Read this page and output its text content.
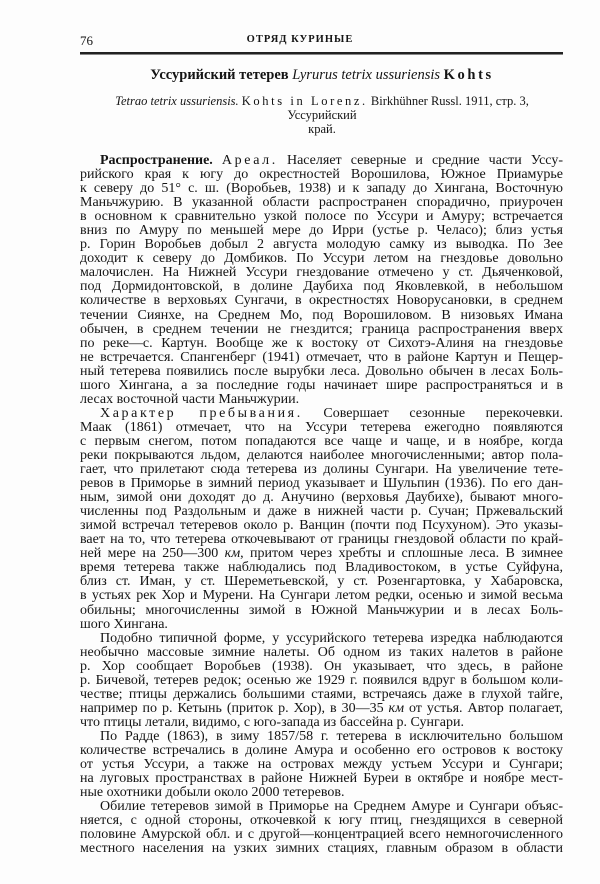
76	ОТРЯД КУРИНЫЕ
Уссурийский тетерев Lyrurus tetrix ussuriensis Kohts
Tetrao tetrix ussuriensis. Kohts in Lorenz. Birkhühner Russl. 1911, стр. 3, Уссурийский
край.
Распространение. Ареал. Населяет северные и средние части Уссу-
рийского края к югу до окрестностей Ворошилова, Южное Приамурье
к северу до 51° с. ш. (Воробьев, 1938) и к западу до Хингана, Восточную
Маньчжурию. В указанной области распространен спорадично, приурочен
в основном к сравнительно узкой полосе по Уссури и Амуру; встречается
вниз по Амуру по меньшей мере до Ирри (устье р. Челасо); близ устья
р. Горин Воробьев добыл 2 августа молодую самку из выводка. По Зее
доходит к северу до Домбиков. По Уссури летом на гнездовье довольно
малочислен. На Нижней Уссури гнездование отмечено у ст. Дьяченковой,
под Дормидонтовской, в долине Даубиха под Яковлевкой, в небольшом
количестве в верховьях Сунгачи, в окрестностях Новорусановки, в среднем
течении Сиянхе, на Среднем Мо, под Ворошиловом. В низовьях Имана
обычен, в среднем течении не гнездится; граница распространения вверх
по реке—с. Картун. Вообще же к востоку от Сихотэ-Алиня на гнездовье
не встречается. Спангенберг (1941) отмечает, что в районе Картун и Пещер-
ный тетерева появились после вырубки леса. Довольно обычен в лесах Боль-
шого Хингана, а за последние годы начинает шире распространяться и в
лесах восточной части Маньчжурии.
Характер пребывания. Совершает сезонные перекочевки.
Маак (1861) отмечает, что на Уссури тетерева ежегодно появляются
с первым снегом, потом попадаются все чаще и чаще, и в ноябре, когда
реки покрываются льдом, делаются наиболее многочисленными; автор пола-
гает, что прилетают сюда тетерева из долины Сунгари. На увеличение тете-
ревов в Приморье в зимний период указывает и Шульпин (1936). По его дан-
ным, зимой они доходят до д. Анучино (верховья Даубихе), бывают много-
численны под Раздольным и даже в нижней части р. Сучан; Пржевальский
зимой встречал тетеревов около р. Ванцин (почти под Псухуном). Это указы-
вает на то, что тетерева откочевывают от границы гнездовой области по край-
ней мере на 250—300 км, притом через хребты и сплошные леса. В зимнее
время тетерева также наблюдались под Владивостоком, в устье Суйфуна,
близ ст. Иман, у ст. Шереметьевской, у ст. Розенгартовка, у Хабаровска,
в устьях рек Хор и Мурени. На Сунгари летом редки, осенью и зимой весьма
обильны; многочисленны зимой в Южной Маньчжурии и в лесах Боль-
шого Хингана.
Подобно типичной форме, у уссурийского тетерева изредка наблюдаются
необычно массовые зимние налеты. Об одном из таких налетов в районе
р. Хор сообщает Воробьев (1938). Он указывает, что здесь, в районе
р. Бичевой, тетерев редок; осенью же 1929 г. появился вдруг в большом коли-
честве; птицы держались большими стаями, встречаясь даже в глухой тайге,
например по р. Кетынь (приток р. Хор), в 30—35 км от устья. Автор полагает,
что птицы летали, видимо, с юго-запада из бассейна р. Сунгари.
По Радде (1863), в зиму 1857/58 г. тетерева в исключительно большом
количестве встречались в долине Амура и особенно его островов к востоку
от устья Уссури, а также на островах между устьем Уссури и Сунгари;
на луговых пространствах в районе Нижней Буреи в октябре и ноябре мест-
ные охотники добыли около 2000 тетеревов.
Обилие тетеревов зимой в Приморье на Среднем Амуре и Сунгари объяс-
няется, с одной стороны, откочевкой к югу птиц, гнездящихся в северной
половине Амурской обл. и с другой—концентрацией всего немногочисленного
местного населения на узких зимних стациях, главным образом в области
